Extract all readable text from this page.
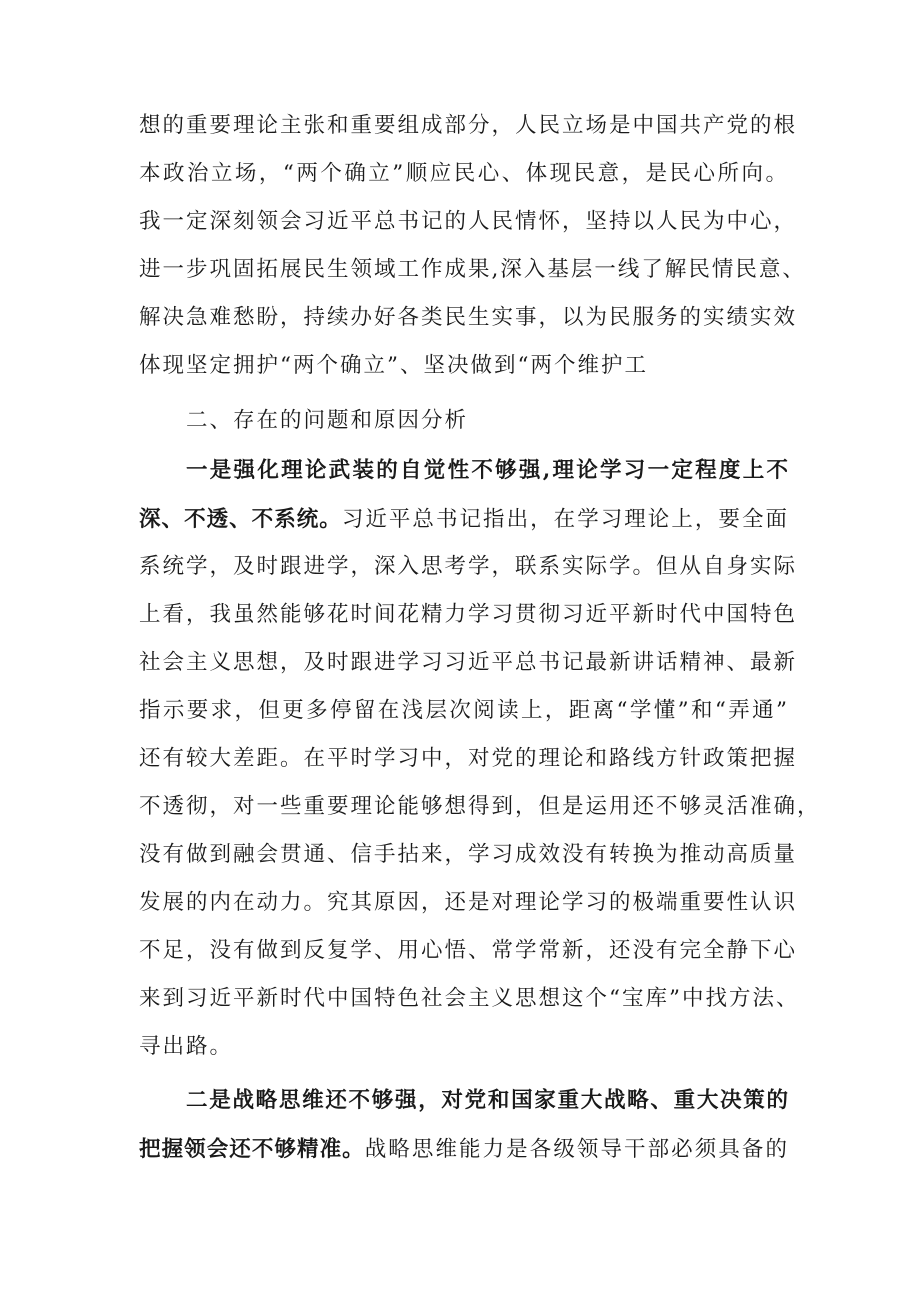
想的重要理论主张和重要组成部分，人民立场是中国共产党的根
本政治立场，“两个确立”顺应民心、体现民意，是民心所向。
我一定深刻领会习近平总书记的人民情怀，坚持以人民为中心，
进一步巩固拓展民生领域工作成果,深入基层一线了解民情民意、
解决急难愁盼，持续办好各类民生实事，以为民服务的实绩实效
体现坚定拥护“两个确立”、坚决做到“两个维护工
二、存在的问题和原因分析
一是强化理论武装的自觉性不够强,理论学习一定程度上不
深、不透、不系统。习近平总书记指出，在学习理论上，要全面
系统学，及时跟进学，深入思考学，联系实际学。但从自身实际
上看，我虽然能够花时间花精力学习贯彻习近平新时代中国特色
社会主义思想，及时跟进学习习近平总书记最新讲话精神、最新
指示要求，但更多停留在浅层次阅读上，距离“学懂”和“弄通”
还有较大差距。在平时学习中，对党的理论和路线方针政策把握
不透彻，对一些重要理论能够想得到，但是运用还不够灵活准确，
没有做到融会贯通、信手拈来，学习成效没有转换为推动高质量
发展的内在动力。究其原因，还是对理论学习的极端重要性认识
不足，没有做到反复学、用心悟、常学常新，还没有完全静下心
来到习近平新时代中国特色社会主义思想这个“宝库”中找方法、
寻出路。
二是战略思维还不够强，对党和国家重大战略、重大决策的
把握领会还不够精准。战略思维能力是各级领导干部必须具备的
